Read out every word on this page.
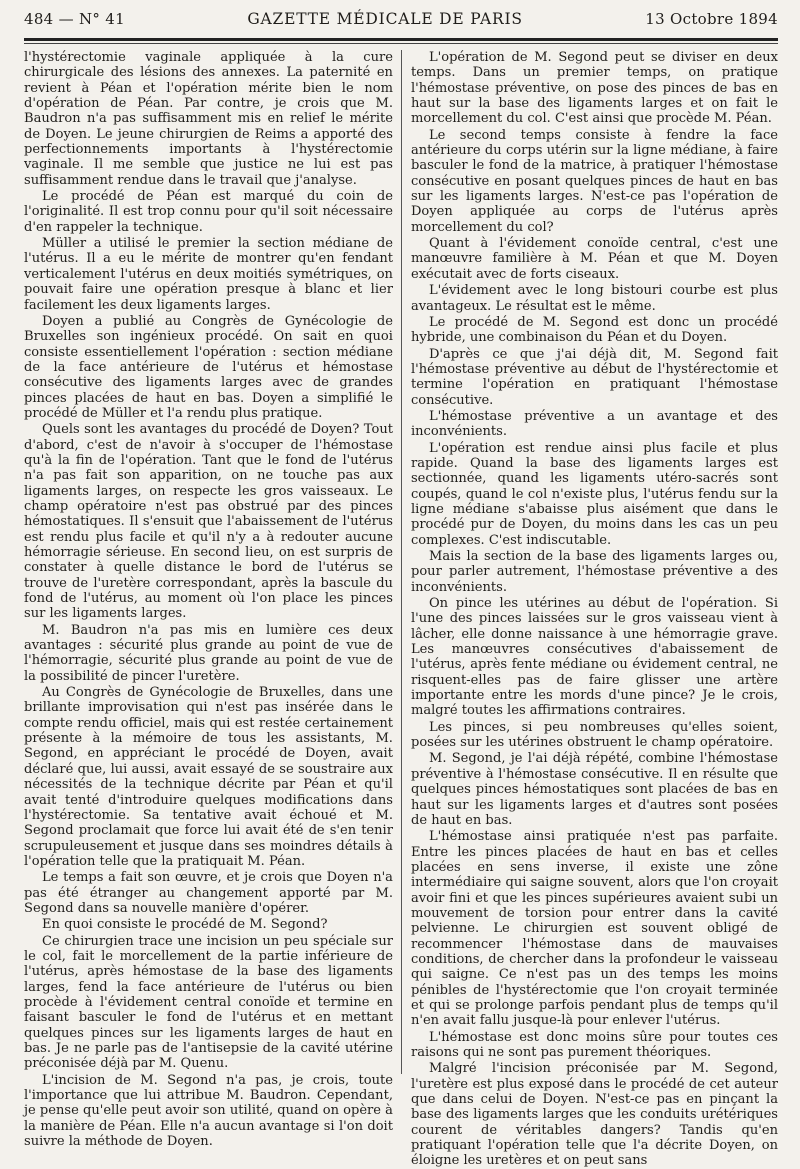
484 — N° 41	GAZETTE MÉDICALE DE PARIS	13 Octobre 1894

l'hystérectomie vaginale appliquée à la cure chirurgicale des lésions des annexes. La paternité en revient à Péan et l'opération mérite bien le nom d'opération de Péan. Par contre, je crois que M. Baudron n'a pas suffisamment mis en relief le mérite de Doyen. Le jeune chirurgien de Reims a apporté des perfectionnements importants à l'hystérectomie vaginale. Il me semble que justice ne lui est pas suffisamment rendue dans le travail que j'analyse.

Le procédé de Péan est marqué du coin de l'originalité. Il est trop connu pour qu'il soit nécessaire d'en rappeler la technique.

Müller a utilisé le premier la section médiane de l'utérus. Il a eu le mérite de montrer qu'en fendant verticalement l'utérus en deux moitiés symétriques, on pouvait faire une opération presque à blanc et lier facilement les deux ligaments larges.

Doyen a publié au Congrès de Gynécologie de Bruxelles son ingénieux procédé. On sait en quoi consiste essentiellement l'opération : section médiane de la face antérieure de l'utérus et hémostase consécutive des ligaments larges avec de grandes pinces placées de haut en bas. Doyen a simplifié le procédé de Müller et l'a rendu plus pratique.

Quels sont les avantages du procédé de Doyen? Tout d'abord, c'est de n'avoir à s'occuper de l'hémostase qu'à la fin de l'opération. Tant que le fond de l'utérus n'a pas fait son apparition, on ne touche pas aux ligaments larges, on respecte les gros vaisseaux. Le champ opératoire n'est pas obstrué par des pinces hémostatiques. Il s'ensuit que l'abaissement de l'utérus est rendu plus facile et qu'il n'y a à redouter aucune hémorragie sérieuse. En second lieu, on est surpris de constater à quelle distance le bord de l'utérus se trouve de l'uretère correspondant, après la bascule du fond de l'utérus, au moment où l'on place les pinces sur les ligaments larges.

M. Baudron n'a pas mis en lumière ces deux avantages : sécurité plus grande au point de vue de l'hémorragie, sécurité plus grande au point de vue de la possibilité de pincer l'uretère.

Au Congrès de Gynécologie de Bruxelles, dans une brillante improvisation qui n'est pas insérée dans le compte rendu officiel, mais qui est restée certainement présente à la mémoire de tous les assistants, M. Segond, en appréciant le procédé de Doyen, avait déclaré que, lui aussi, avait essayé de se soustraire aux nécessités de la technique décrite par Péan et qu'il avait tenté d'introduire quelques modifications dans l'hystérectomie. Sa tentative avait échoué et M. Segond proclamait que force lui avait été de s'en tenir scrupuleusement et jusque dans ses moindres détails à l'opération telle que la pratiquait M. Péan.

Le temps a fait son œuvre, et je crois que Doyen n'a pas été étranger au changement apporté par M. Segond dans sa nouvelle manière d'opérer.

En quoi consiste le procédé de M. Segond?

Ce chirurgien trace une incision un peu spéciale sur le col, fait le morcellement de la partie inférieure de l'utérus, après hémostase de la base des ligaments larges, fend la face antérieure de l'utérus ou bien procède à l'évidement central conoïde et termine en faisant basculer le fond de l'utérus et en mettant quelques pinces sur les ligaments larges de haut en bas. Je ne parle pas de l'antisepsie de la cavité utérine préconisée déjà par M. Quenu.

L'incision de M. Segond n'a pas, je crois, toute l'importance que lui attribue M. Baudron. Cependant, je pense qu'elle peut avoir son utilité, quand on opère à la manière de Péan. Elle n'a aucun avantage si l'on doit suivre la méthode de Doyen.

L'opération de M. Segond peut se diviser en deux temps. Dans un premier temps, on pratique l'hémostase préventive, on pose des pinces de bas en haut sur la base des ligaments larges et on fait le morcellement du col. C'est ainsi que procède M. Péan.

Le second temps consiste à fendre la face antérieure du corps utérin sur la ligne médiane, à faire basculer le fond de la matrice, à pratiquer l'hémostase consécutive en posant quelques pinces de haut en bas sur les ligaments larges. N'est-ce pas l'opération de Doyen appliquée au corps de l'utérus après morcellement du col?

Quant à l'évidement conoïde central, c'est une manœuvre familière à M. Péan et que M. Doyen exécutait avec de forts ciseaux.

L'évidement avec le long bistouri courbe est plus avantageux. Le résultat est le même.

Le procédé de M. Segond est donc un procédé hybride, une combinaison du Péan et du Doyen.

D'après ce que j'ai déjà dit, M. Segond fait l'hémostase préventive au début de l'hystérectomie et termine l'opération en pratiquant l'hémostase consécutive.

L'hémostase préventive a un avantage et des inconvénients.

L'opération est rendue ainsi plus facile et plus rapide. Quand la base des ligaments larges est sectionnée, quand les ligaments utéro-sacrés sont coupés, quand le col n'existe plus, l'utérus fendu sur la ligne médiane s'abaisse plus aisément que dans le procédé pur de Doyen, du moins dans les cas un peu complexes. C'est indiscutable.

Mais la section de la base des ligaments larges ou, pour parler autrement, l'hémostase préventive a des inconvénients.

On pince les utérines au début de l'opération. Si l'une des pinces laissées sur le gros vaisseau vient à lâcher, elle donne naissance à une hémorragie grave. Les manœuvres consécutives d'abaissement de l'utérus, après fente médiane ou évidement central, ne risquent-elles pas de faire glisser une artère importante entre les mords d'une pince? Je le crois, malgré toutes les affirmations contraires.

Les pinces, si peu nombreuses qu'elles soient, posées sur les utérines obstruent le champ opératoire.

M. Segond, je l'ai déjà répété, combine l'hémostase préventive à l'hémostase consécutive. Il en résulte que quelques pinces hémostatiques sont placées de bas en haut sur les ligaments larges et d'autres sont posées de haut en bas.

L'hémostase ainsi pratiquée n'est pas parfaite. Entre les pinces placées de haut en bas et celles placées en sens inverse, il existe une zône intermédiaire qui saigne souvent, alors que l'on croyait avoir fini et que les pinces supérieures avaient subi un mouvement de torsion pour entrer dans la cavité pelvienne. Le chirurgien est souvent obligé de recommencer l'hémostase dans de mauvaises conditions, de chercher dans la profondeur le vaisseau qui saigne. Ce n'est pas un des temps les moins pénibles de l'hystérectomie que l'on croyait terminée et qui se prolonge parfois pendant plus de temps qu'il n'en avait fallu jusque-là pour enlever l'utérus.

L'hémostase est donc moins sûre pour toutes ces raisons qui ne sont pas purement théoriques.

Malgré l'incision préconisée par M. Segond, l'uretère est plus exposé dans le procédé de cet auteur que dans celui de Doyen. N'est-ce pas en pinçant la base des ligaments larges que les conduits urétériques courent de véritables dangers? Tandis qu'en pratiquant l'opération telle que l'a décrite Doyen, on éloigne les uretères et on peut sans
